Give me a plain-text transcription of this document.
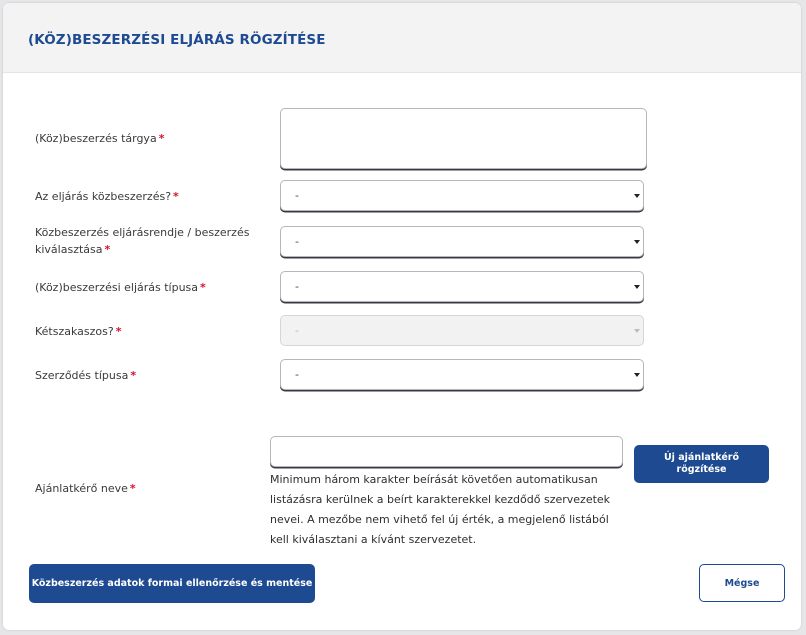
(KÖZ)BESZERZÉSI ELJÁRÁS RÖGZÍTÉSE
(Köz)beszerzés tárgya *
Az eljárás közbeszerzés? *	-
Közbeszerzés eljárásrendje / beszerzés kiválasztása *
-
(Köz)beszerzési eljárás típusa *	-
Kétszakaszos? *	-
Szerződés típusa *	-
Ajánlatkérő neve *
Minimum három karakter beírását követően automatikusan listázásra kerülnek a beírt karakterekkel kezdődő szervezetek nevei. A mezőbe nem vihető fel új érték, a megjelenő listából kell kiválasztani a kívánt szervezetet.
Új ajánlatkérő rögzítése
Közbeszerzés adatok formai ellenőrzése és mentése	Mégse
